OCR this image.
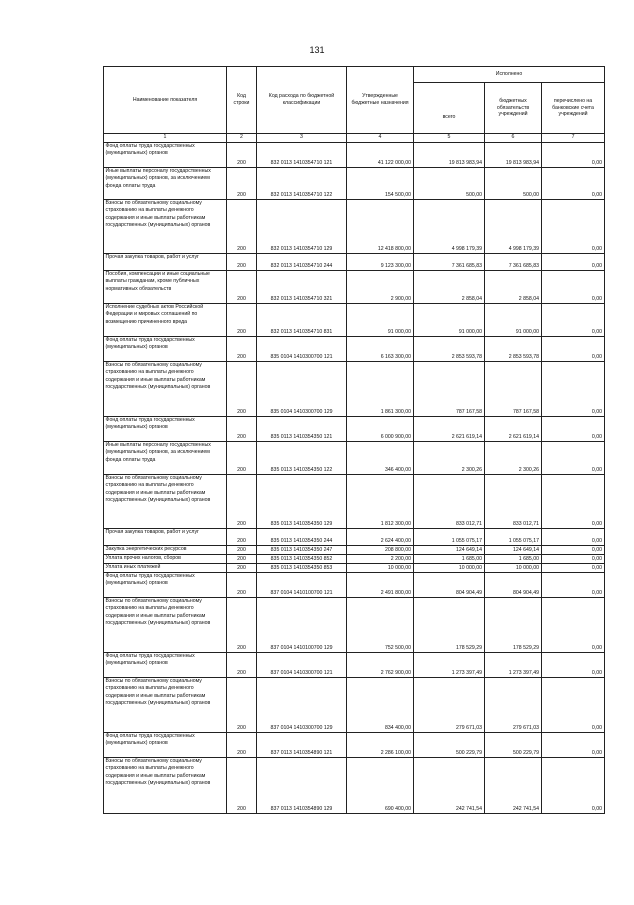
131
Наименование показателя	Код строки	Код расхода по бюджетной классификации	Утвержденные бюджетные назначения	Исполнено		
				всего	бюджетных обязательств учреждений	перечислено на банковские счета учреждений
1	2	3	4	5	6	7
Фонд оплаты труда государственных (муниципальных) органов	200	832 0113 1410354710 121	41 122 000,00	19 813 983,94	19 813 983,94	0,00
Иные выплаты персоналу государственных (муниципальных) органов, за исключением фонда оплаты труда	200	832 0113 1410354710 122	154 500,00	500,00	500,00	0,00
Взносы по обязательному социальному страхованию на выплаты денежного содержания и иные выплаты работникам государственных (муниципальных) органов	200	832 0113 1410354710 129	12 418 800,00	4 998 179,39	4 998 179,39	0,00
Прочая закупка товаров, работ и услуг	200	832 0113 1410354710 244	9 123 300,00	7 361 685,83	7 361 685,83	0,00
Пособия, компенсации и иные социальные выплаты гражданам, кроме публичных нормативных обязательств	200	832 0113 1410354710 321	2 900,00	2 858,04	2 858,04	0,00
Исполнение судебных актов Российской Федерации и мировых соглашений по возмещению причиненного вреда	200	832 0113 1410354710 831	91 000,00	91 000,00	91 000,00	0,00
Фонд оплаты труда государственных (муниципальных) органов	200	835 0104 1410300700 121	6 163 300,00	2 853 593,78	2 853 593,78	0,00
Взносы по обязательному социальному страхованию на выплаты денежного содержания и иные выплаты работникам государственных (муниципальных) органов	200	835 0104 1410300700 129	1 861 300,00	787 167,58	787 167,58	0,00
Фонд оплаты труда государственных (муниципальных) органов	200	835 0113 1410354350 121	6 000 900,00	2 621 619,14	2 621 619,14	0,00
Иные выплаты персоналу государственных (муниципальных) органов, за исключением фонда оплаты труда	200	835 0113 1410354350 122	346 400,00	2 300,26	2 300,26	0,00
Взносы по обязательному социальному страхованию на выплаты денежного содержания и иные выплаты работникам государственных (муниципальных) органов	200	835 0113 1410354350 129	1 812 300,00	833 012,71	833 012,71	0,00
Прочая закупка товаров, работ и услуг	200	835 0113 1410354350 244	2 624 400,00	1 055 075,17	1 055 075,17	0,00
Закупка энергетических ресурсов	200	835 0113 1410354350 247	208 800,00	124 649,14	124 649,14	0,00
Уплата прочих налогов, сборов	200	835 0113 1410354350 852	2 200,00	1 685,00	1 685,00	0,00
Уплата иных платежей	200	835 0113 1410354350 853	10 000,00	10 000,00	10 000,00	0,00
Фонд оплаты труда государственных (муниципальных) органов	200	837 0104 1410100700 121	2 491 800,00	804 904,49	804 904,49	0,00
Взносы по обязательному социальному страхованию на выплаты денежного содержания и иные выплаты работникам государственных (муниципальных) органов	200	837 0104 1410100700 129	752 500,00	178 529,29	178 529,29	0,00
Фонд оплаты труда государственных (муниципальных) органов	200	837 0104 1410300700 121	2 762 900,00	1 273 397,49	1 273 397,49	0,00
Взносы по обязательному социальному страхованию на выплаты денежного содержания и иные выплаты работникам государственных (муниципальных) органов	200	837 0104 1410300700 129	834 400,00	279 671,03	279 671,03	0,00
Фонд оплаты труда государственных (муниципальных) органов	200	837 0113 1410354890 121	2 286 100,00	500 229,79	500 229,79	0,00
Взносы по обязательному социальному страхованию на выплаты денежного содержания и иные выплаты работникам государственных (муниципальных) органов	200	837 0113 1410354890 129	690 400,00	242 741,54	242 741,54	0,00
